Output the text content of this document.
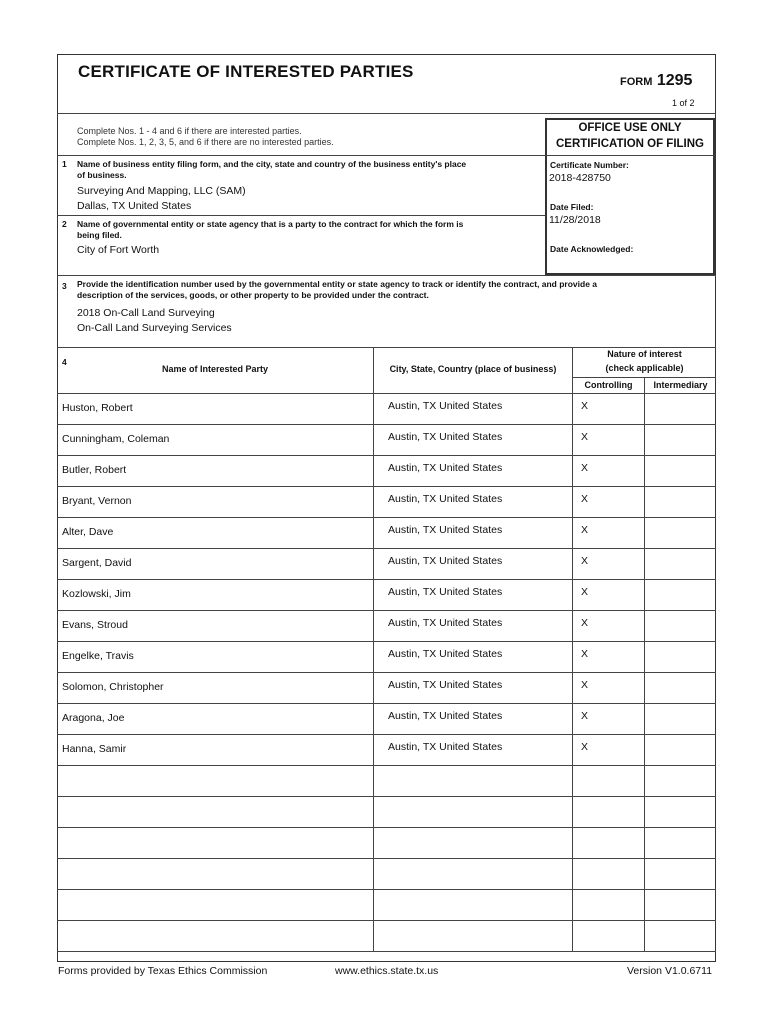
CERTIFICATE OF INTERESTED PARTIES
FORM 1295
1 of 2
Complete Nos. 1 - 4 and 6 if there are interested parties.
Complete Nos. 1, 2, 3, 5, and 6 if there are no interested parties.
OFFICE USE ONLY
CERTIFICATION OF FILING
Certificate Number:
2018-428750
Date Filed:
11/28/2018
Date Acknowledged:
1 Name of business entity filing form, and the city, state and country of the business entity's place
of business.
Surveying And Mapping, LLC (SAM)
Dallas, TX United States
2 Name of governmental entity or state agency that is a party to the contract for which the form is
being filed.
City of Fort Worth
3 Provide the identification number used by the governmental entity or state agency to track or identify the contract, and provide a
description of the services, goods, or other property to be provided under the contract.
2018 On-Call Land Surveying
On-Call Land Surveying Services
4
Name of Interested Party	City, State, Country (place of business)
Nature of interest
(check applicable)
Controlling	Intermediary
Huston, Robert	Austin, TX United States	X
Cunningham, Coleman	Austin, TX United States	X
Butler, Robert	Austin, TX United States	X
Bryant, Vernon	Austin, TX United States	X
Alter, Dave	Austin, TX United States	X
Sargent, David	Austin, TX United States	X
Kozlowski, Jim	Austin, TX United States	X
Evans, Stroud	Austin, TX United States	X
Engelke, Travis	Austin, TX United States	X
Solomon, Christopher	Austin, TX United States	X
Aragona, Joe	Austin, TX United States	X
Hanna, Samir	Austin, TX United States	X
Forms provided by Texas Ethics Commission	www.ethics.state.tx.us	Version V1.0.6711
